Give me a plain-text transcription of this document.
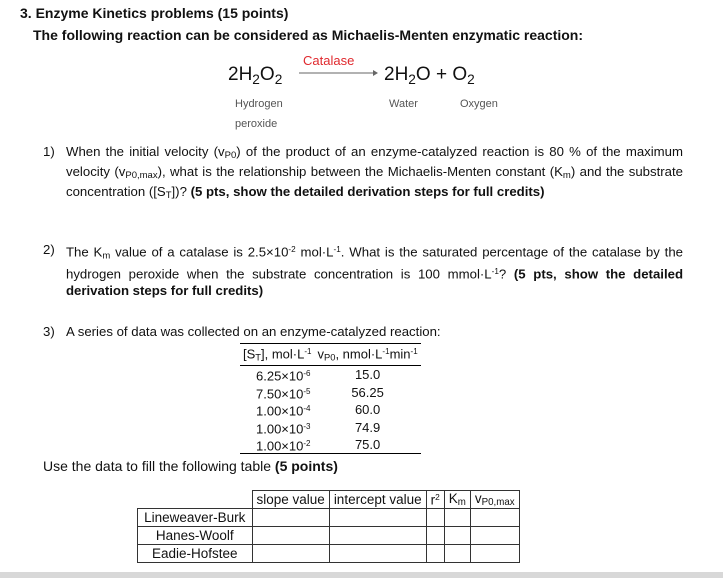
3. Enzyme Kinetics problems (15 points)
The following reaction can be considered as Michaelis-Menten enzymatic reaction:
$2H_2O_2$
Catalase
$2H_2O + O_2$
Hydrogen
peroxide
Water	Oxygen
1) When the initial velocity (vP0) of the product of an enzyme-catalyzed reaction is 80 % of the maximum velocity (vP0,max), what is the relationship between the Michaelis-Menten constant (Km) and the substrate concentration ([ST])? (5 pts, show the detailed derivation steps for full credits)
2) The Km value of a catalase is $2.5\times 10^{-2}$ $mol\cdot L^{-1}$. What is the saturated percentage of the catalase by the hydrogen peroxide when the substrate concentration is 100 $mmol\cdot L^{-1}$? (5 pts, show the detailed derivation steps for full credits)
3) A series of data was collected on an enzyme-catalyzed reaction:
[ST], $mol\cdot L^{-1}$	vP0, $nmol\cdot L^{-1}\min^{-1}$
$6.25\times 10^{-6}$	15.0
$7.50\times 10^{-5}$	56.25
$1.00\times 10^{-4}$	60.0
$1.00\times 10^{-3}$	74.9
$1.00\times 10^{-2}$	75.0
Use the data to fill the following table (5 points)
	slope value	intercept value	$r^2$	Km	vP0,max
Lineweaver-Burk					
Hanes-Woolf					
Eadie-Hofstee					
